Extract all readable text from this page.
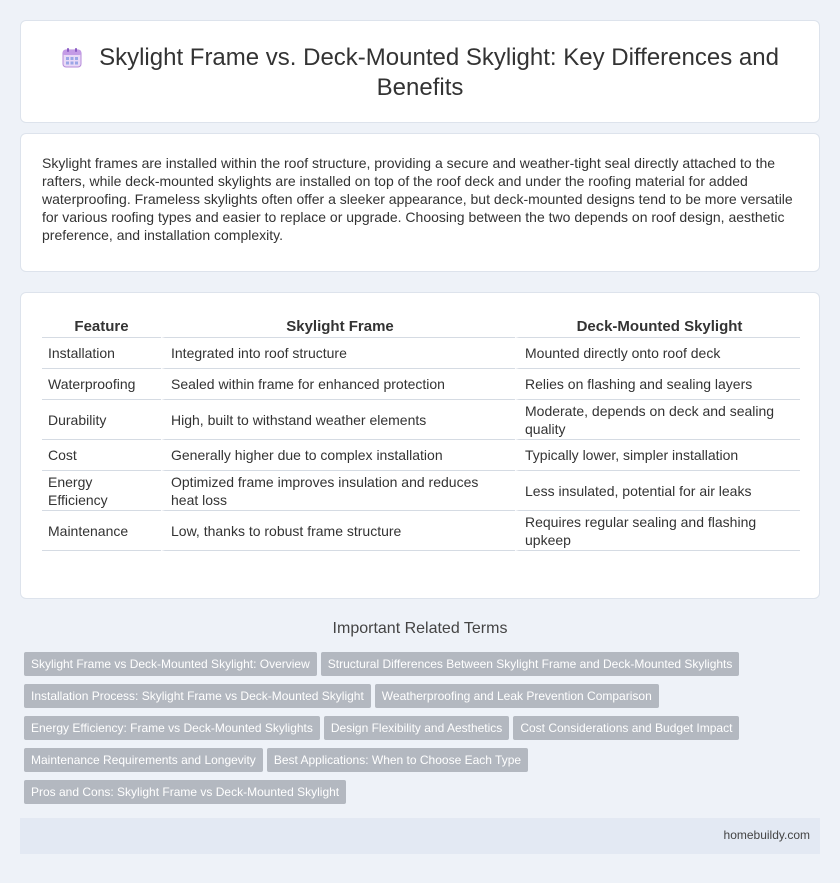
Skylight Frame vs. Deck-Mounted Skylight: Key Differences and Benefits

Skylight frames are installed within the roof structure, providing a secure and weather-tight seal directly attached to the rafters, while deck-mounted skylights are installed on top of the roof deck and under the roofing material for added waterproofing. Frameless skylights often offer a sleeker appearance, but deck-mounted designs tend to be more versatile for various roofing types and easier to replace or upgrade. Choosing between the two depends on roof design, aesthetic preference, and installation complexity.

Feature	Skylight Frame	Deck-Mounted Skylight
Installation	Integrated into roof structure	Mounted directly onto roof deck
Waterproofing	Sealed within frame for enhanced protection	Relies on flashing and sealing layers
Durability	High, built to withstand weather elements	Moderate, depends on deck and sealing quality
Cost	Generally higher due to complex installation	Typically lower, simpler installation
Energy Efficiency	Optimized frame improves insulation and reduces heat loss	Less insulated, potential for air leaks
Maintenance	Low, thanks to robust frame structure	Requires regular sealing and flashing upkeep
Important Related Terms
Skylight Frame vs Deck-Mounted Skylight: Overview Structural Differences Between Skylight Frame and Deck-Mounted Skylights
Installation Process: Skylight Frame vs Deck-Mounted Skylight Weatherproofing and Leak Prevention Comparison
Energy Efficiency: Frame vs Deck-Mounted Skylights Design Flexibility and Aesthetics Cost Considerations and Budget Impact
Maintenance Requirements and Longevity Best Applications: When to Choose Each Type
Pros and Cons: Skylight Frame vs Deck-Mounted Skylight
homebuildy.com
